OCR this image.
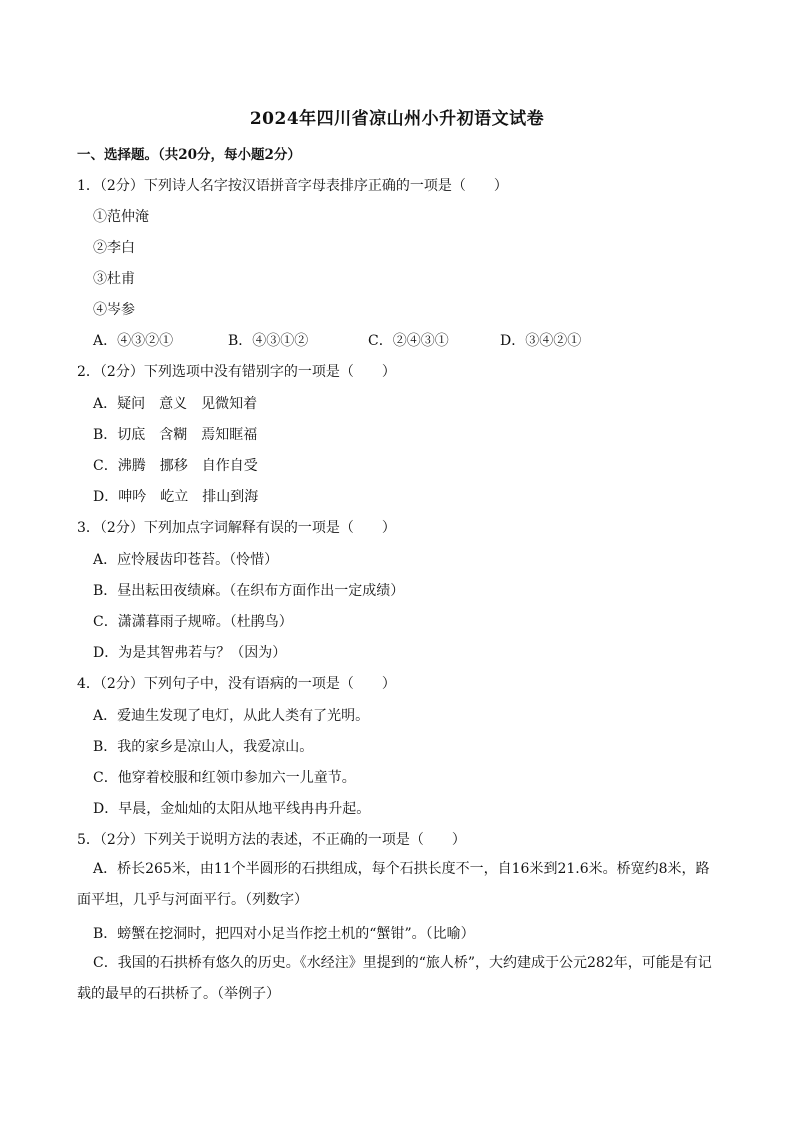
2024年四川省凉山州小升初语文试卷
一、选择题。（共20分，每小题2分）
1．（2分）下列诗人名字按汉语拼音字母表排序正确的一项是（　　）
①范仲淹
②李白
③杜甫
④岑参
A．④③②①	B．④③①②	C．②④③①	D．③④②①
2．（2分）下列选项中没有错别字的一项是（　　）
A．疑问　意义　见微知着
B．切底　含糊　焉知眶福
C．沸腾　挪移　自作自受
D．呻吟　屹立　排山到海
3．（2分）下列加点字词解释有误的一项是（　　）
A．应怜屐齿印苍苔。（怜惜）
B．昼出耘田夜绩麻。（在织布方面作出一定成绩）
C．潇潇暮雨子规啼。（杜鹃鸟）
D．为是其智弗若与？（因为）
4．（2分）下列句子中，没有语病的一项是（　　）
A．爱迪生发现了电灯，从此人类有了光明。
B．我的家乡是凉山人，我爱凉山。
C．他穿着校服和红领巾参加六一儿童节。
D．早晨，金灿灿的太阳从地平线冉冉升起。
5．（2分）下列关于说明方法的表述，不正确的一项是（　　）
A．桥长265米，由11个半圆形的石拱组成，每个石拱长度不一，自16米到21.6米。桥宽约8米，路面平坦，几乎与河面平行。（列数字）
B．螃蟹在挖洞时，把四对小足当作挖土机的“蟹钳”。（比喻）
C．我国的石拱桥有悠久的历史。《水经注》里提到的“旅人桥”，大约建成于公元282年，可能是有记载的最早的石拱桥了。（举例子）
